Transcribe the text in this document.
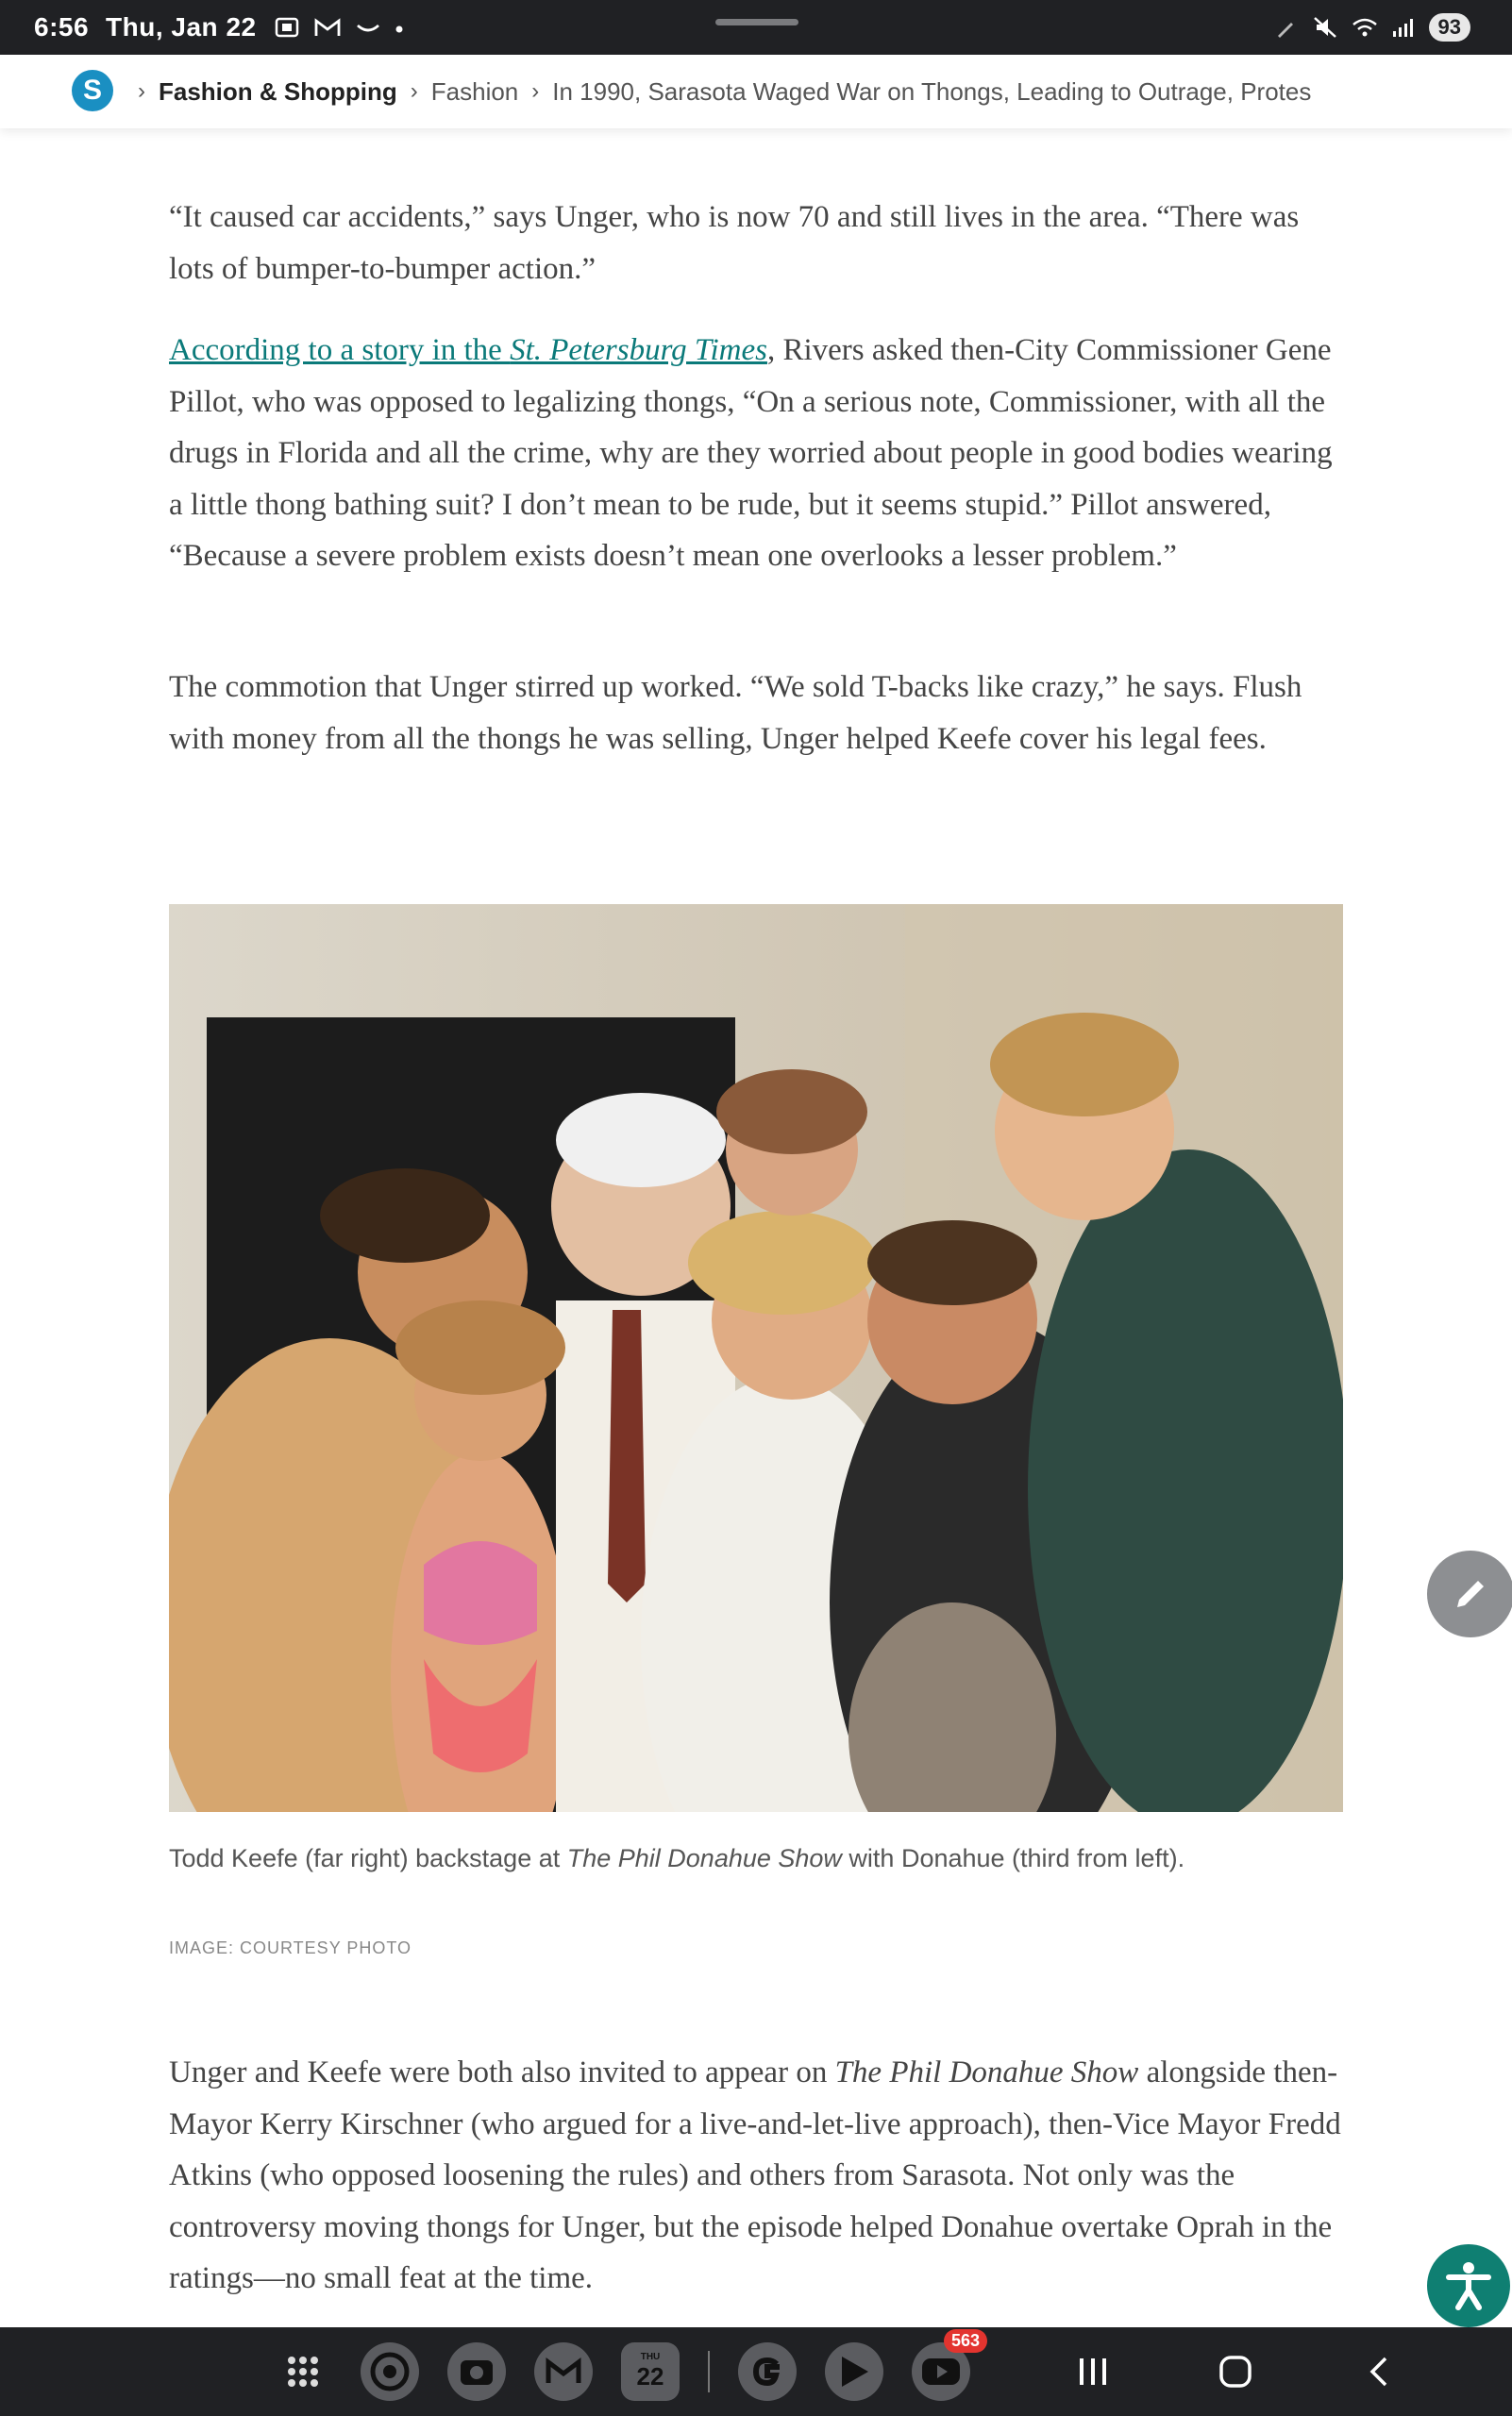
6:56 Thu, Jan 22	93
S	› Fashion & Shopping › Fashion › In 1990, Sarasota Waged War on Thongs, Leading to Outrage, Protes

“It caused car accidents,” says Unger, who is now 70 and still lives in the area. “There was lots of bumper-to-bumper action.”

According to a story in the St. Petersburg Times, Rivers asked then-City Commissioner Gene Pillot, who was opposed to legalizing thongs, “On a serious note, Commissioner, with all the drugs in Florida and all the crime, why are they worried about people in good bodies wearing a little thong bathing suit? I don’t mean to be rude, but it seems stupid.” Pillot answered, “Because a severe problem exists doesn’t mean one overlooks a lesser problem.”

The commotion that Unger stirred up worked. “We sold T-backs like crazy,” he says. Flush with money from all the thongs he was selling, Unger helped Keefe cover his legal fees.

Todd Keefe (far right) backstage at The Phil Donahue Show with Donahue (third from left).
IMAGE: COURTESY PHOTO

Unger and Keefe were both also invited to appear on The Phil Donahue Show alongside then-Mayor Kerry Kirschner (who argued for a live-and-let-live approach), then-Vice Mayor Fredd Atkins (who opposed loosening the rules) and others from Sarasota. Not only was the controversy moving thongs for Unger, but the episode helped Donahue overtake Oprah in the ratings—no small feat at the time.

THU
22
563
